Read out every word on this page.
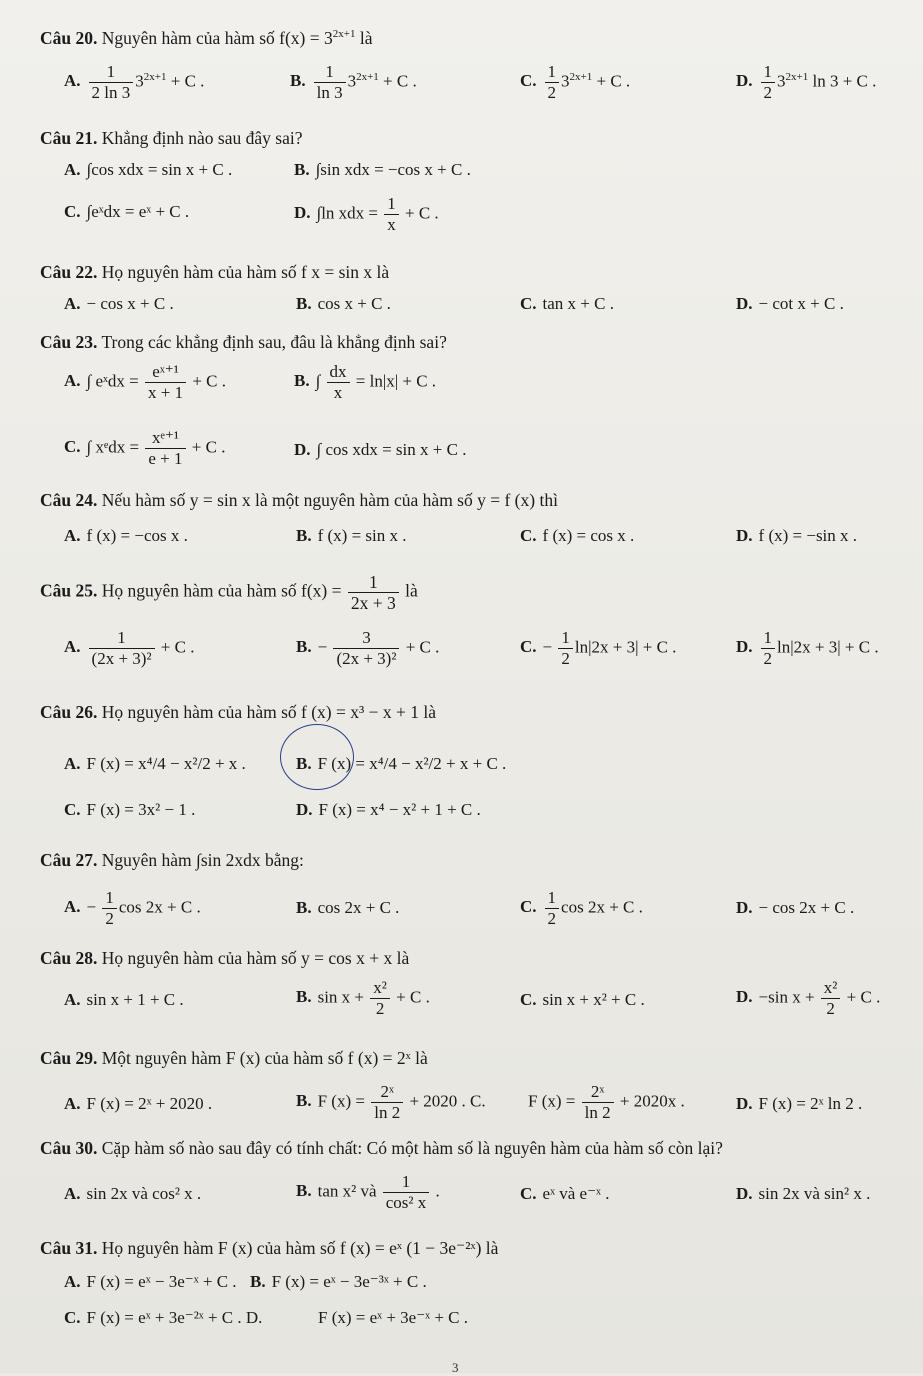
Câu 20. Nguyên hàm của hàm số $f(x) = 3^{2x+1}$ là
A. $\frac{1}{2 \ln 3} 3^{2x+1} + C$ .	B. $\frac{1}{\ln 3} 3^{2x+1} + C$ .	C. $\frac{1}{2} 3^{2x+1} + C$ .	D. $\frac{1}{2} 3^{2x+1}$ ln 3 + C .
Câu 21. Khẳng định nào sau đây sai?
A. ∫cos xdx = sin x + C .	B. ∫sin xdx = −cos x + C .
C. ∫eˣdx = eˣ + C .	D. ∫ln xdx = $\frac{1}{x} + C$ .
Câu 22. Họ nguyên hàm của hàm số f x = sin x là
A. − cos x + C .	B. cos x + C .	C. tan x + C .	D. − cot x + C .
Câu 23. Trong các khẳng định sau, đâu là khẳng định sai?
A. ∫ eˣdx = $\frac{\text{eˣ⁺¹}}{x + 1} + C$ .	B. ∫ $\frac{dx}{x} = \ln|x| + C$ .
C. ∫ xᵉdx = $\frac{\text{xᵉ⁺¹}}{e + 1} + C$ .	D. ∫ cos xdx = sin x + C .
Câu 24. Nếu hàm số y = sin x là một nguyên hàm của hàm số y = f (x) thì
A. f (x) = −cos x .	B. f (x) = sin x .	C. f (x) = cos x .	D. f (x) = −sin x .
Câu 25. Họ nguyên hàm của hàm số $f(x) = \frac{1}{2x + 3}$ là
A. $\frac{1}{\text{(2x + 3)²}} + C$ .	B. − $\frac{3}{\text{(2x + 3)²}} + C$ .	C. − $\frac{1}{2} \ln|2x + 3| + C$ .	D. $\frac{1}{2} \ln|2x + 3| + C$ .
Câu 26. Họ nguyên hàm của hàm số f (x) = x³ − x + 1 là
A. F (x) = x⁴/4 − x²/2 + x .	B. F (x) = x⁴/4 − x²/2 + x + C .
C. F (x) = 3x² − 1 .	D. F (x) = x⁴ − x² + 1 + C .
Câu 27. Nguyên hàm ∫sin 2xdx bằng:
A. − $\frac{1}{2}$ cos 2x + C .	B. cos 2x + C .	C. $\frac{1}{2}$ cos 2x + C .	D. − cos 2x + C .
Câu 28. Họ nguyên hàm của hàm số y = cos x + x là
A. sin x + 1 + C .	B. $\sin x + \frac{\text{x²}}{2} + C$ .	C. sin x + x² + C .	D. −sin $x + \frac{\text{x²}}{2} + C$ .
Câu 29. Một nguyên hàm F (x) của hàm số f (x) = 2ˣ là
A. F (x) = 2ˣ + 2020 .	B. F $(x) = \frac{\text{2ˣ}}{\ln 2} + 2020$ . C. F $(x) = \frac{\text{2ˣ}}{\ln 2} + 2020x$ .	D. F (x) = 2ˣ ln 2 .
Câu 30. Cặp hàm số nào sau đây có tính chất: Có một hàm số là nguyên hàm của hàm số còn lại?
A. sin 2x và cos² x .	B. tan x² và $\frac{1}{\text{cos² x}}$ .	C. eˣ và e⁻ˣ .	D. sin 2x và sin² x .
Câu 31. Họ nguyên hàm F (x) của hàm số f (x) = eˣ (1 − 3e⁻²ˣ) là
A. F (x) = eˣ − 3e⁻ˣ + C . B. F (x) = eˣ − 3e⁻³ˣ + C .
C. F (x) = eˣ + 3e⁻²ˣ + C . D.	F (x) = eˣ + 3e⁻ˣ + C .
3
